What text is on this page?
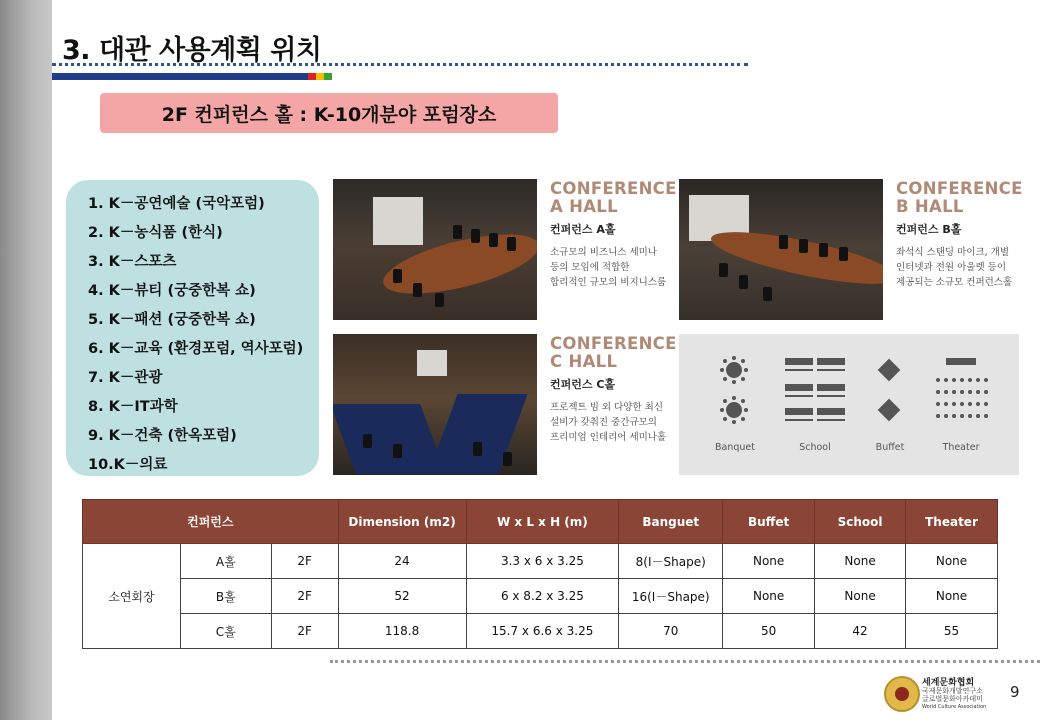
3. 대관 사용계획 위치
2F 컨퍼런스 홀 : K-10개분야 포럼장소
1. K－공연예술 (국악포럼)
2. K－농식품 (한식)
3. K－스포츠
4. K－뷰티 (궁중한복 쇼)
5. K－패션 (궁중한복 쇼)
6. K－교육 (환경포럼, 역사포럼)
7. K－관광
8. K－IT과학
9. K－건축 (한옥포럼)
10.K－의료
CONFERENCE
A HALL
컨퍼런스 A홀
소규모의 비즈니스 세미나
등의 모임에 적합한
합리적인 규모의 비지니스룸
CONFERENCE
B HALL
컨퍼런스 B홀
좌석식 스탠딩 마이크, 개별
인터넷과 전원 아울렛 등이
제공되는 소규모 컨퍼런스홀
CONFERENCE
C HALL
컨퍼런스 C홀
프로젝트 빔 외 다양한 최신
설비가 갖춰진 중간규모의
프리미엄 인테리어 세미나홀
Banquet	School	Buffet	Theater
컨퍼런스			Dimension (m2)	W x L x H (m)	Banguet	Buffet	School	Theater
소연회장	A홀	2F	24	3.3 x 6 x 3.25	8(I－Shape)	None	None	None
	B홀	2F	52	6 x 8.2 x 3.25	16(I－Shape)	None	None	None
	C홀	2F	118.8	15.7 x 6.6 x 3.25	70	50	42	55
세계문화협회
국제문화개발연구소
글로벌문화아카데미
World Culture Association
9
